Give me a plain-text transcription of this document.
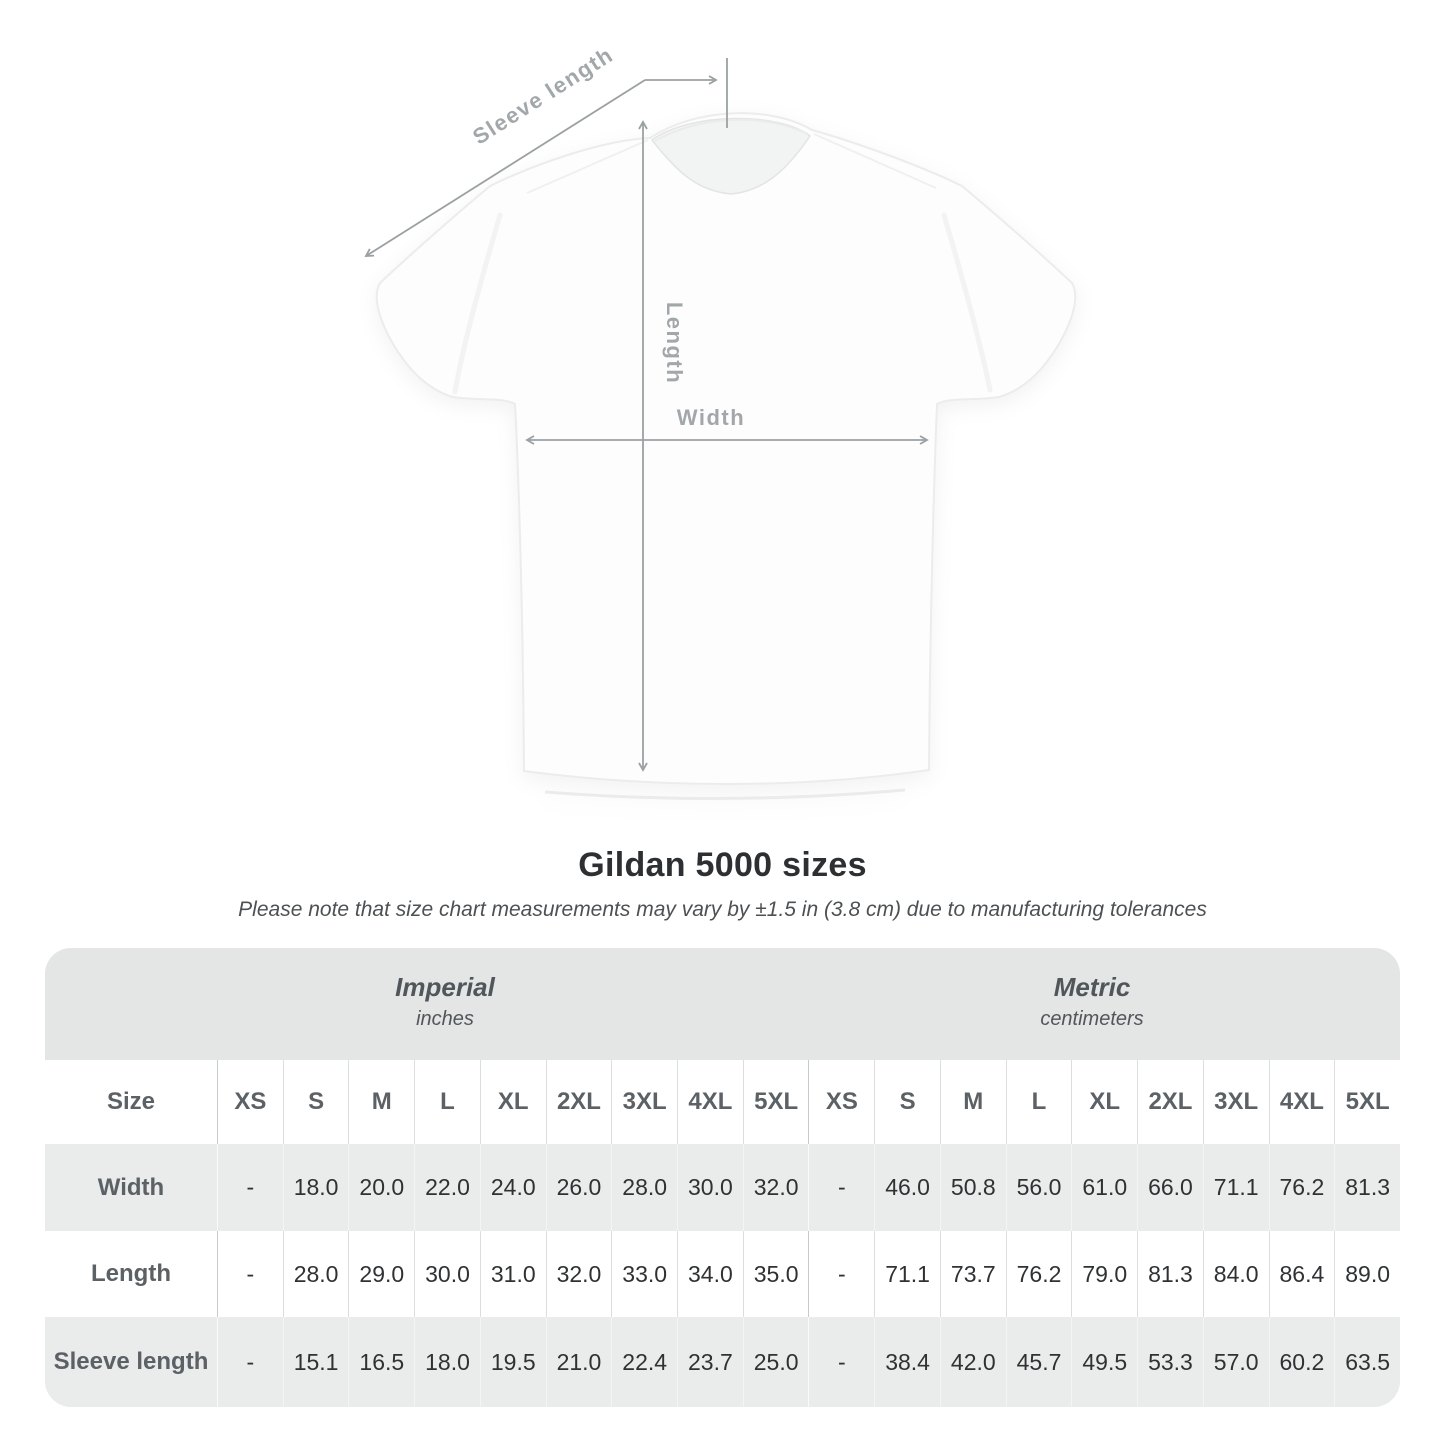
Sleeve length
Length
Width
Gildan 5000 sizes
Please note that size chart measurements may vary by ±1.5 in (3.8 cm) due to manufacturing tolerances
Imperial
inches
Metric
centimeters
Size	XS	S	M	L	XL	2XL 3XL 4XL 5XL	XS	S	M	L	XL	2XL 3XL 4XL 5XL
Width	-	18.0 20.0 22.0 24.0 26.0 28.0 30.0 32.0	-	46.0 50.8 56.0 61.0 66.0 71.1 76.2 81.3
Length	-	28.0 29.0 30.0 31.0 32.0 33.0 34.0 35.0	-	71.1 73.7 76.2 79.0 81.3 84.0 86.4 89.0
Sleeve length	-	15.1 16.5 18.0 19.5 21.0 22.4 23.7 25.0	-	38.4 42.0 45.7 49.5 53.3 57.0 60.2 63.5
